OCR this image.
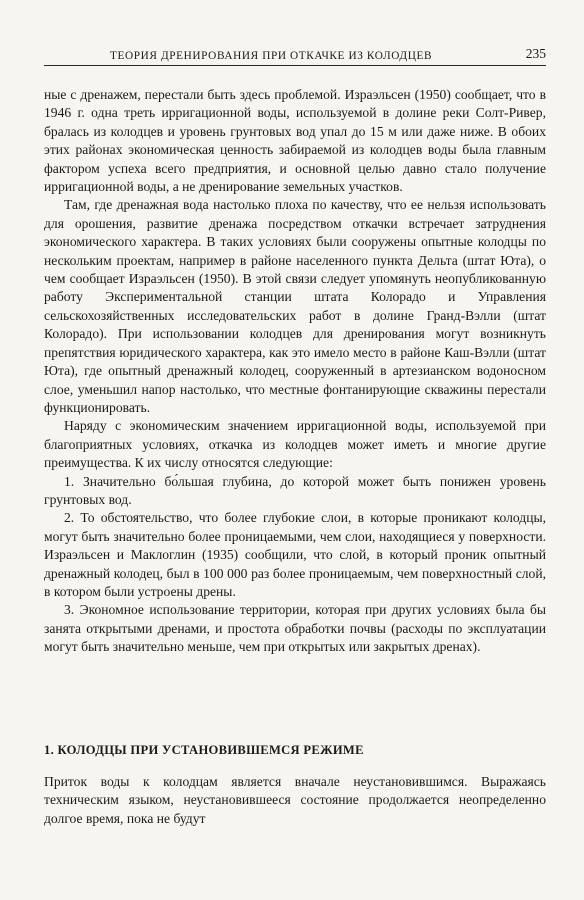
ТЕОРИЯ ДРЕНИРОВАНИЯ ПРИ ОТКАЧКЕ ИЗ КОЛОДЦЕВ	235

ные с дренажем, перестали быть здесь проблемой. Израэльсен (1950) сообщает, что в 1946 г. одна треть ирригационной воды, используемой в долине реки Солт-Ривер, бралась из колодцев и уровень грунтовых вод упал до 15 м или даже ниже. В обоих этих районах экономическая ценность забираемой из колодцев воды была главным фактором успеха всего предприятия, и основной целью давно стало получение ирригационной воды, а не дренирование земельных участков.

Там, где дренажная вода настолько плоха по качеству, что ее нельзя использовать для орошения, развитие дренажа посредством откачки встречает затруднения экономического характера. В таких условиях были сооружены опытные колодцы по нескольким проектам, например в районе населенного пункта Дельта (штат Юта), о чем сообщает Израэльсен (1950). В этой связи следует упомянуть неопубликованную работу Экспериментальной станции штата Колорадо и Управления сельскохозяйственных исследовательских работ в долине Гранд-Вэлли (штат Колорадо). При использовании колодцев для дренирования могут возникнуть препятствия юридического характера, как это имело место в районе Каш-Вэлли (штат Юта), где опытный дренажный колодец, сооруженный в артезианском водоносном слое, уменьшил напор настолько, что местные фонтанирующие скважины перестали функционировать.

Наряду с экономическим значением ирригационной воды, используемой при благоприятных условиях, откачка из колодцев может иметь и многие другие преимущества. К их числу относятся следующие:

1. Значительно бо́льшая глубина, до которой может быть понижен уровень грунтовых вод.

2. То обстоятельство, что более глубокие слои, в которые проникают колодцы, могут быть значительно более проницаемыми, чем слои, находящиеся у поверхности. Израэльсен и Маклоглин (1935) сообщили, что слой, в который проник опытный дренажный колодец, был в 100 000 раз более проницаемым, чем поверхностный слой, в котором были устроены дрены.

3. Экономное использование территории, которая при других условиях была бы занята открытыми дренами, и простота обработки почвы (расходы по эксплуатации могут быть значительно меньше, чем при открытых или закрытых дренах).

1. КОЛОДЦЫ ПРИ УСТАНОВИВШЕМСЯ РЕЖИМЕ

Приток воды к колодцам является вначале неустановившимся. Выражаясь техническим языком, неустановившееся состояние продолжается неопределенно долгое время, пока не будут
